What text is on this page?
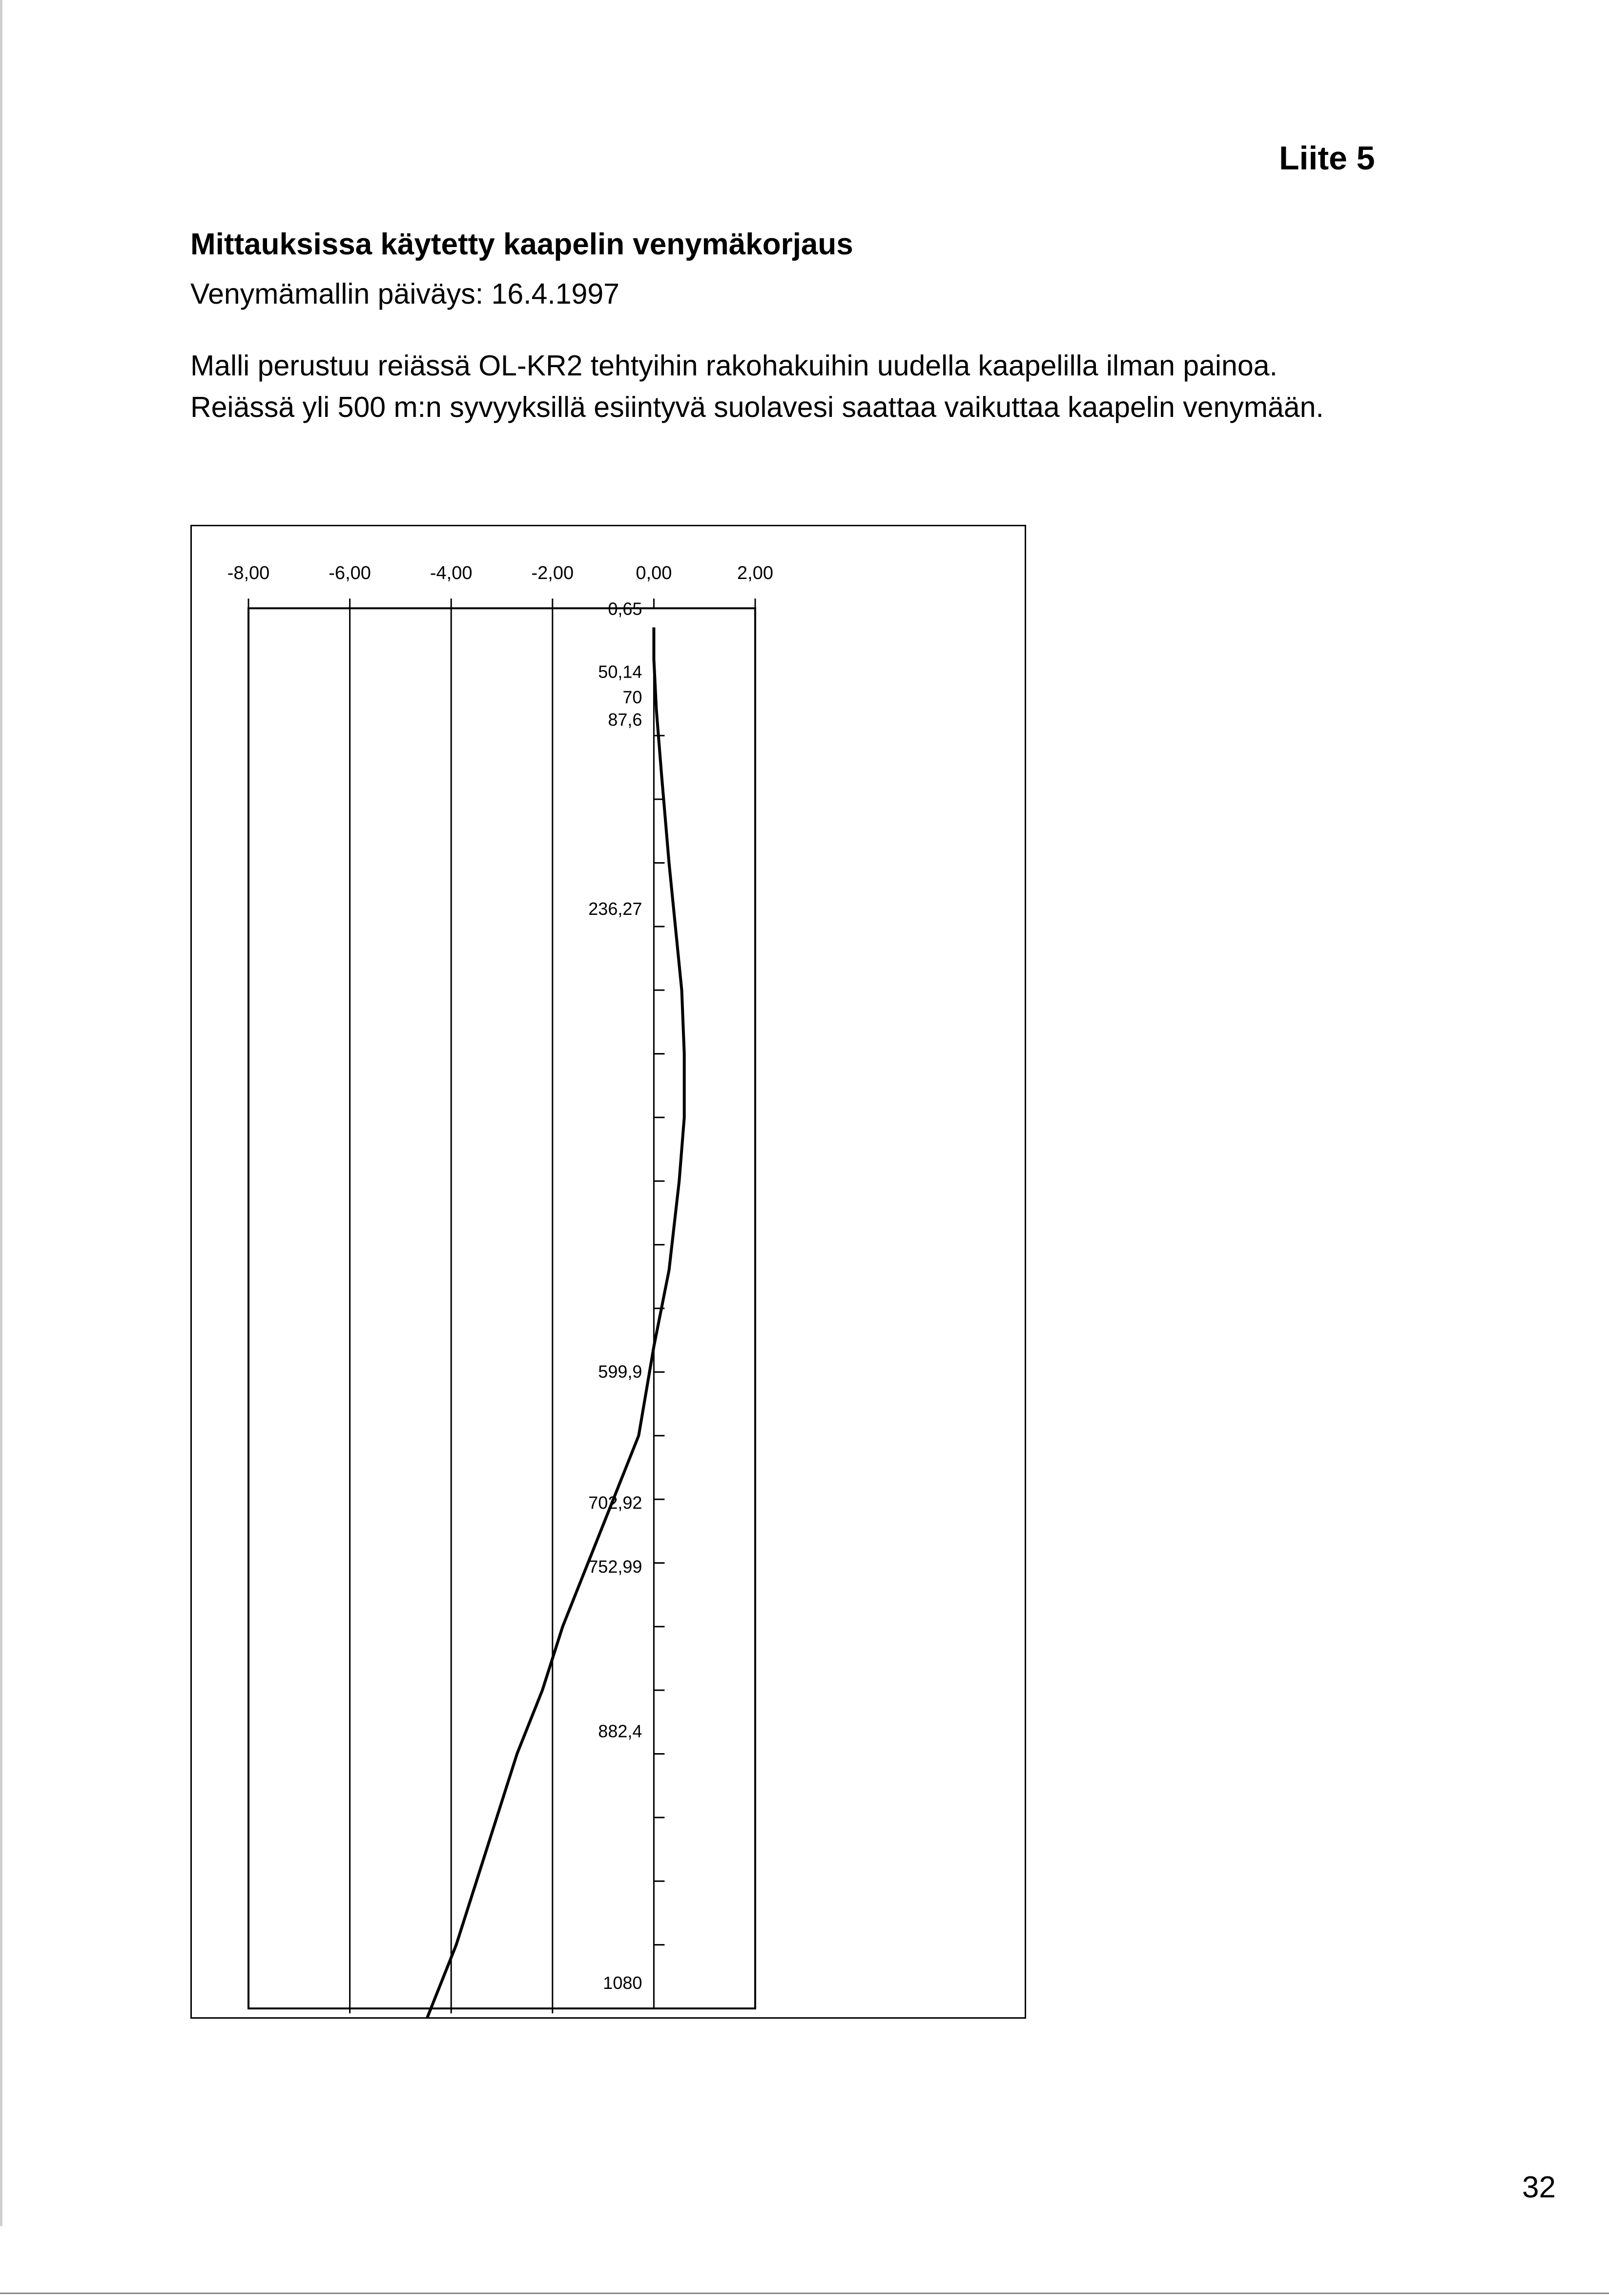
Liite 5
Mittauksissa käytetty kaapelin venymäkorjaus
Venymämallin päiväys: 16.4.1997
Malli perustuu reiässä OL-KR2 tehtyihin rakohakuihin uudella kaapelilla ilman painoa.
Reiässä yli 500 m:n syvyyksillä esiintyvä suolavesi saattaa vaikuttaa kaapelin venymään.
-8,00	-6,00	-4,00	-2,00	0,00	2,00
0,65
50,14
70
87,6
236,27
599,9
702,92
752,99
882,4
1080
32
